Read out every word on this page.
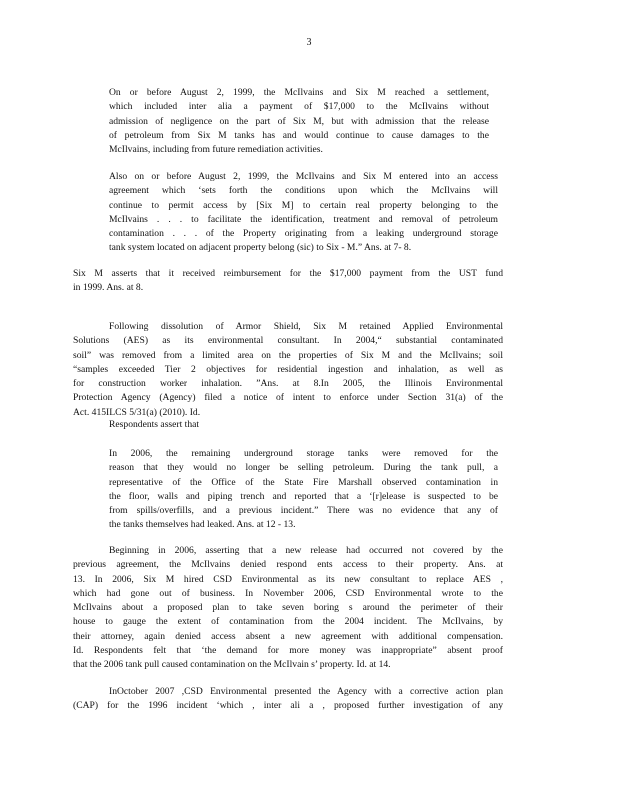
3
On or before August 2, 1999, the McIlvains and Six M reached a settlement,
which included inter alia a payment of $17,000 to the McIlvains without
admission of negligence on the part of Six M, but with admission that the release
of petroleum from Six M tanks has and would continue to cause damages to the
McIlvains, including from future remediation activities.
Also on or before August 2, 1999, the McIlvains and Six M entered into an access
agreement which ‘sets forth the conditions upon which the McIlvains will
continue to permit access by [Six M] to certain real property belonging to the
McIlvains . . . to facilitate the identification, treatment and removal of petroleum
contamination . . . of the Property originating from a leaking underground storage
tank system located on adjacent property belong (sic) to Six - M.” Ans. at 7- 8.
Six M asserts that it received reimbursement for the $17,000 payment from the UST fund
in 1999. Ans. at 8.
Following dissolution of Armor Shield, Six M retained Applied Environmental
Solutions (AES) as its environmental consultant. In 2004,“ substantial contaminated
soil” was removed from a limited area on the properties of Six M and the McIlvains; soil
“samples exceeded Tier 2 objectives for residential ingestion and inhalation, as well as
for construction worker inhalation. ”Ans. at 8.In 2005, the Illinois Environmental
Protection Agency (Agency) filed a notice of intent to enforce under Section 31(a) of the
Act. 415ILCS 5/31(a) (2010). Id.
Respondents assert that
In 2006, the remaining underground storage tanks were removed for the
reason that they would no longer be selling petroleum. During the tank pull, a
representative of the Office of the State Fire Marshall observed contamination in
the floor, walls and piping trench and reported that a ‘[r]elease is suspected to be
from spills/overfills, and a previous incident.” There was no evidence that any of
the tanks themselves had leaked. Ans. at 12 - 13.
Beginning in 2006, asserting that a new release had occurred not covered by the
previous agreement, the McIlvains denied respond ents access to their property. Ans. at
13. In 2006, Six M hired CSD Environmental as its new consultant to replace AES ,
which had gone out of business. In November 2006, CSD Environmental wrote to the
McIlvains about a proposed plan to take seven boring s around the perimeter of their
house to gauge the extent of contamination from the 2004 incident. The McIlvains, by
their attorney, again denied access absent a new agreement with additional compensation.
Id. Respondents felt that ‘the demand for more money was inappropriate” absent proof
that the 2006 tank pull caused contamination on the McIlvain s’ property. Id. at 14.
InOctober 2007 ,CSD Environmental presented the Agency with a corrective action plan
(CAP) for the 1996 incident ‘which , inter ali a , proposed further investigation of any
